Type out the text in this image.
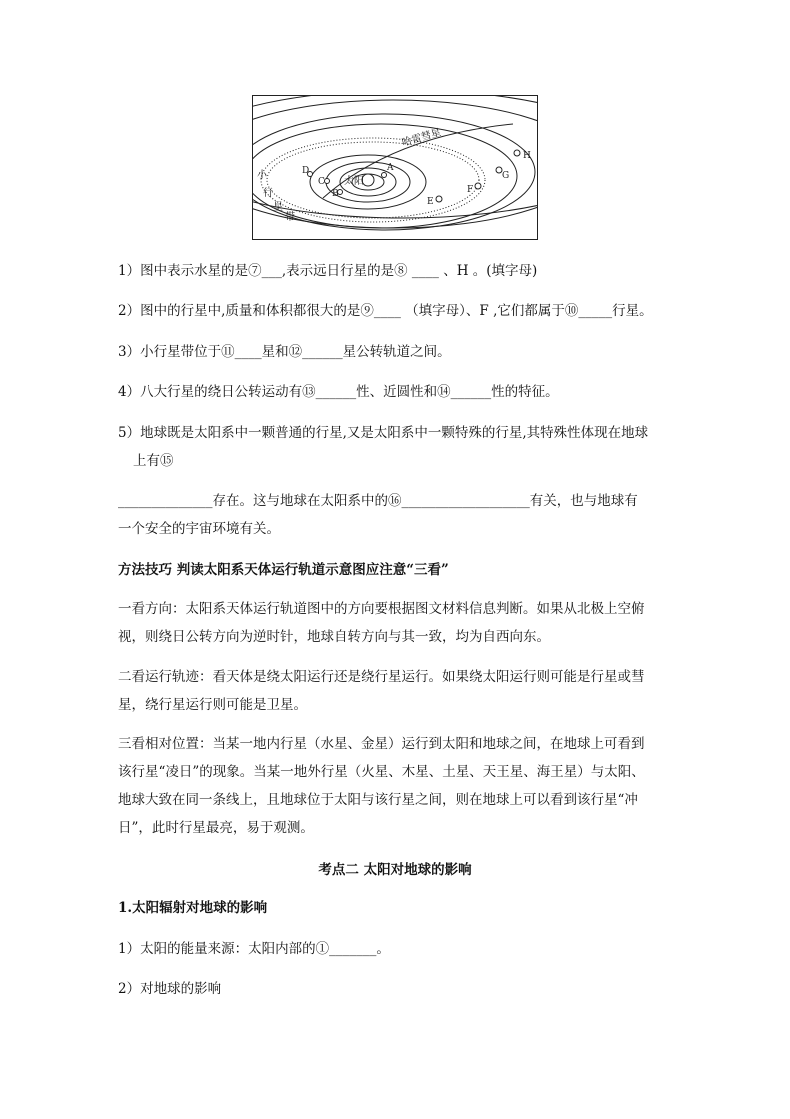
A
B
C
D
E
F
G
H
太阳
哈雷彗星
小
行
星
带
1）图中表示水星的是⑦___,表示远日行星的是⑧ ____ 、H 。(填字母)
2）图中的行星中,质量和体积都很大的是⑨____ （填字母）、F ,它们都属于⑩_____行星。
3）小行星带位于⑪____星和⑫______星公转轨道之间。
4）八大行星的绕日公转运动有⑬______性、近圆性和⑭______性的特征。
5）地球既是太阳系中一颗普通的行星,又是太阳系中一颗特殊的行星,其特殊性体现在地球
上有⑮
______________存在。这与地球在太阳系中的⑯___________________有关，也与地球有
一个安全的宇宙环境有关。
方法技巧 判读太阳系天体运行轨道示意图应注意“三看”
一看方向：太阳系天体运行轨道图中的方向要根据图文材料信息判断。如果从北极上空俯
视，则绕日公转方向为逆时针，地球自转方向与其一致，均为自西向东。
二看运行轨迹：看天体是绕太阳运行还是绕行星运行。如果绕太阳运行则可能是行星或彗
星，绕行星运行则可能是卫星。
三看相对位置：当某一地内行星（水星、金星）运行到太阳和地球之间，在地球上可看到
该行星“凌日”的现象。当某一地外行星（火星、木星、土星、天王星、海王星）与太阳、
地球大致在同一条线上，且地球位于太阳与该行星之间，则在地球上可以看到该行星“冲
日”，此时行星最亮，易于观测。
考点二 太阳对地球的影响
1.太阳辐射对地球的影响
1）太阳的能量来源：太阳内部的①_______。
2）对地球的影响
